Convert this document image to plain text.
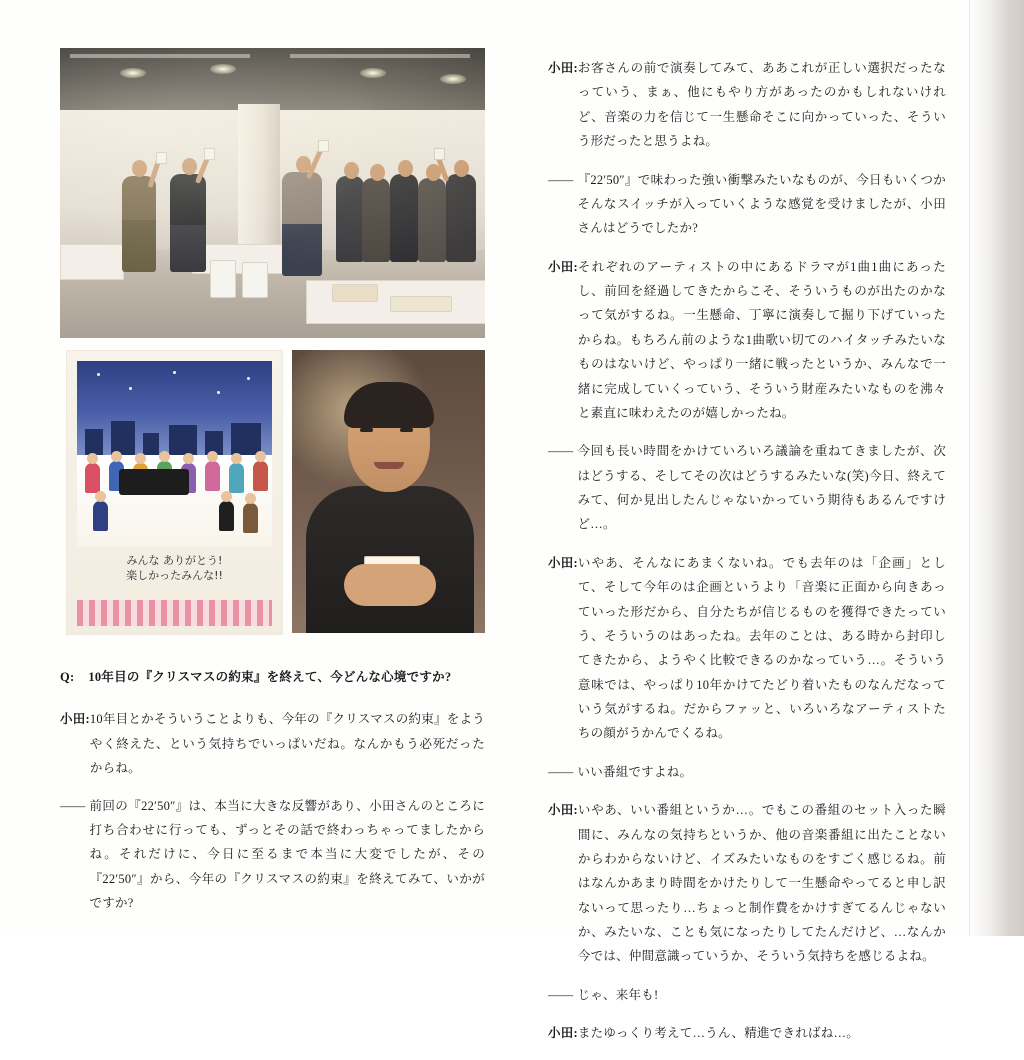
みんな ありがとう!
楽しかったみんな!!
Q: 10年目の『クリスマスの約束』を終えて、今どんな心境ですか?
小田: 10年目とかそういうことよりも、今年の『クリスマスの約束』をようやく終えた、という気持ちでいっぱいだね。なんかもう必死だったからね。
—— 前回の『22′50″』は、本当に大きな反響があり、小田さんのところに打ち合わせに行っても、ずっとその話で終わっちゃってましたからね。それだけに、今日に至るまで本当に大変でしたが、その『22′50″』から、今年の『クリスマスの約束』を終えてみて、いかがですか?
小田: お客さんの前で演奏してみて、ああこれが正しい選択だったなっていう、まぁ、他にもやり方があったのかもしれないけれど、音楽の力を信じて一生懸命そこに向かっていった、そういう形だったと思うよね。
—— 『22′50″』で味わった強い衝撃みたいなものが、今日もいくつかそんなスイッチが入っていくような感覚を受けましたが、小田さんはどうでしたか?
小田: それぞれのアーティストの中にあるドラマが1曲1曲にあったし、前回を経過してきたからこそ、そういうものが出たのかなって気がするね。一生懸命、丁寧に演奏して掘り下げていったからね。もちろん前のような1曲歌い切てのハイタッチみたいなものはないけど、やっぱり一緒に戦ったというか、みんなで一緒に完成していくっていう、そういう財産みたいなものを沸々と素直に味わえたのが嬉しかったね。
—— 今回も長い時間をかけていろいろ議論を重ねてきましたが、次はどうする、そしてその次はどうするみたいな(笑)今日、終えてみて、何か見出したんじゃないかっていう期待もあるんですけど…。
小田: いやあ、そんなにあまくないね。でも去年のは「企画」として、そして今年のは企画というより「音楽に正面から向きあっていった形だから、自分たちが信じるものを獲得できたっていう、そういうのはあったね。去年のことは、ある時から封印してきたから、ようやく比較できるのかなっていう…。そういう意味では、やっぱり10年かけてたどり着いたものなんだなっていう気がするね。だからファッと、いろいろなアーティストたちの顔がうかんでくるね。
—— いい番組ですよね。
小田: いやあ、いい番組というか…。でもこの番組のセット入った瞬間に、みんなの気持ちというか、他の音楽番組に出たことないからわからないけど、イズみたいなものをすごく感じるね。前はなんかあまり時間をかけたりして一生懸命やってると申し訳ないって思ったり…ちょっと制作費をかけすぎてるんじゃないか、みたいな、ことも気になったりしてたんだけど、…なんか今では、仲間意識っていうか、そういう気持ちを感じるよね。
—— じゃ、来年も!
小田: またゆっくり考えて…うん、精進できればね…。
